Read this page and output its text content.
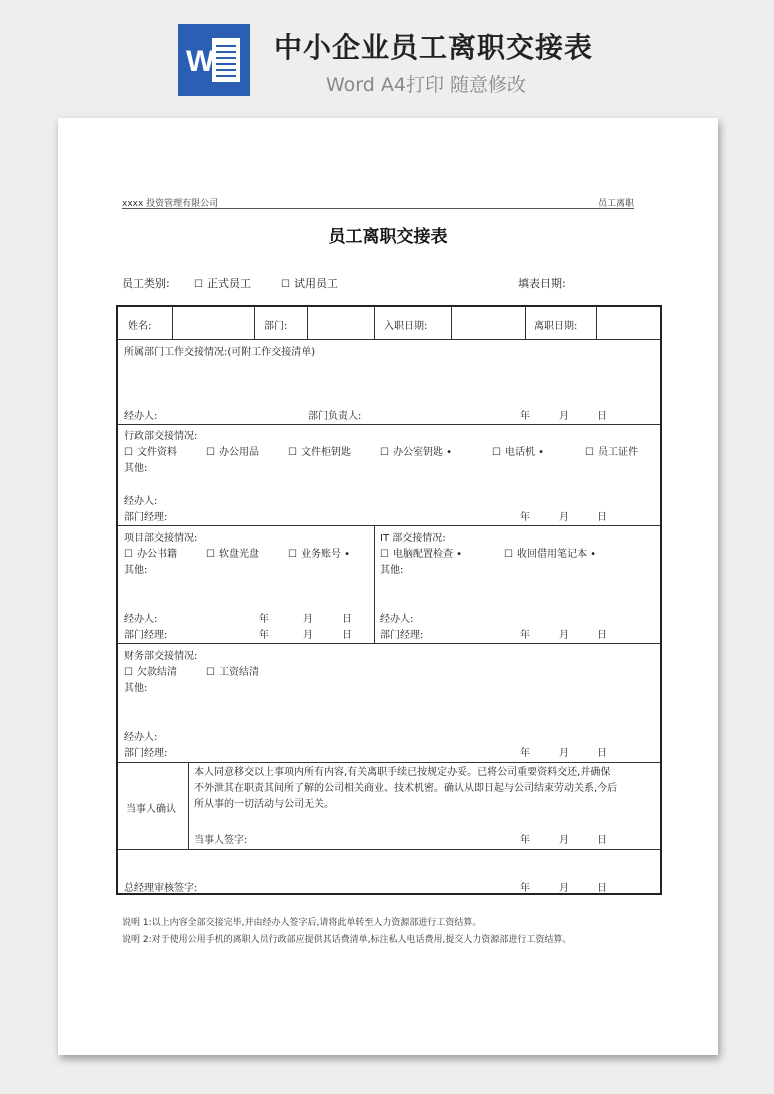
W 中小企业员工离职交接表
Word A4打印 随意修改
xxxx 投资管理有限公司	员工离职
员工离职交接表
员工类别:	☐ 正式员工	☐ 试用员工	填表日期:
姓名:	部门:	入职日期:	离职日期:
所属部门工作交接情况:(可附工作交接清单)
经办人:	部门负责人:	年	月	日
行政部交接情况:
☐ 文件资料	☐ 办公用品	☐ 文件柜钥匙	☐ 办公室钥匙 •	☐ 电话机 •	☐ 员工证件
其他:
经办人:
部门经理:	年	月	日
项目部交接情况:
☐ 办公书籍	☐ 软盘光盘	☐ 业务账号 •
其他:
经办人:	年	月	日
部门经理:	年	月	日
IT 部交接情况:
☐ 电脑配置检查 •	☐ 收回借用笔记本 •
其他:
经办人:
部门经理:	年	月	日
财务部交接情况:
☐ 欠款结清	☐ 工资结清
其他:
经办人:
部门经理:	年	月	日
当事人确认
本人同意移交以上事项内所有内容,有关离职手续已按规定办妥。已将公司重要资料交还,并确保
不外泄其在职责其间所了解的公司相关商业、技术机密。确认从即日起与公司结束劳动关系,今后
所从事的一切活动与公司无关。
当事人签字:	年	月	日
总经理审核签字:	年	月	日
说明 1:以上内容全部交接完毕,并由经办人签字后,请将此单转至人力资源部进行工资结算。
说明 2:对于使用公用手机的离职人员行政部应提供其话费清单,标注私人电话费用,提交人力资源部进行工资结算。
